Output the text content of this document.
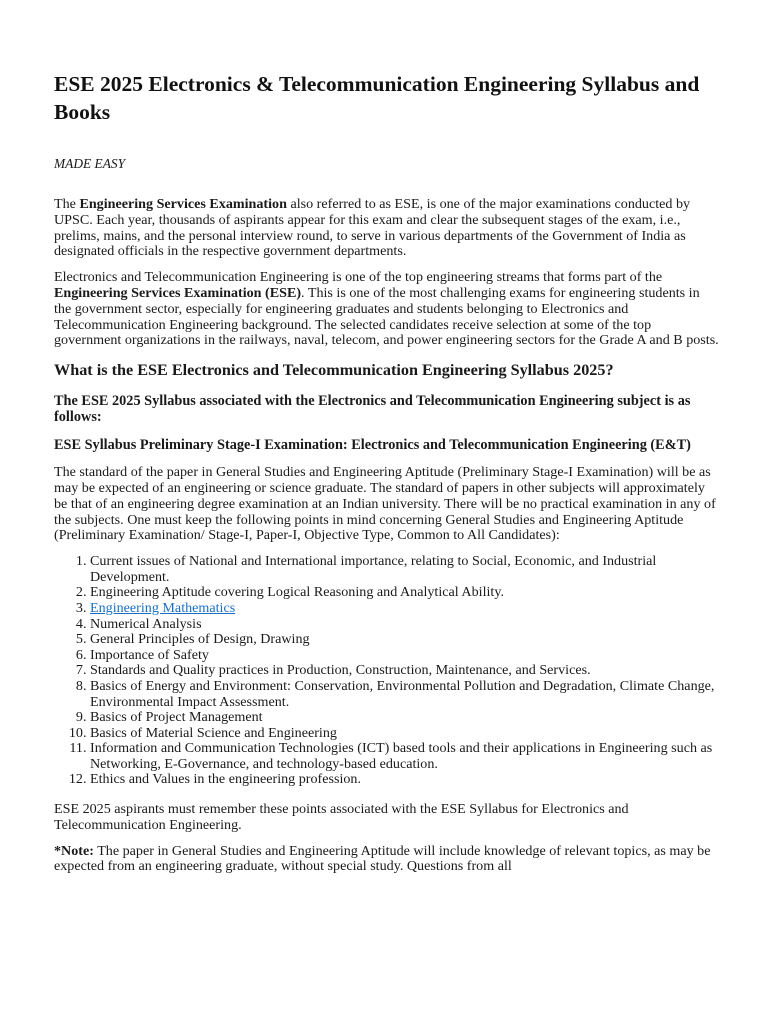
ESE 2025 Electronics & Telecommunication Engineering Syllabus and Books
MADE EASY

The Engineering Services Examination also referred to as ESE, is one of the major examinations conducted by UPSC. Each year, thousands of aspirants appear for this exam and clear the subsequent stages of the exam, i.e., prelims, mains, and the personal interview round, to serve in various departments of the Government of India as designated officials in the respective government departments.

Electronics and Telecommunication Engineering is one of the top engineering streams that forms part of the Engineering Services Examination (ESE). This is one of the most challenging exams for engineering students in the government sector, especially for engineering graduates and students belonging to Electronics and Telecommunication Engineering background. The selected candidates receive selection at some of the top government organizations in the railways, naval, telecom, and power engineering sectors for the Grade A and B posts.

What is the ESE Electronics and Telecommunication Engineering Syllabus 2025?
The ESE 2025 Syllabus associated with the Electronics and Telecommunication Engineering subject is as follows:
ESE Syllabus Preliminary Stage-I Examination: Electronics and Telecommunication Engineering (E&T)

The standard of the paper in General Studies and Engineering Aptitude (Preliminary Stage-I Examination) will be as may be expected of an engineering or science graduate. The standard of papers in other subjects will approximately be that of an engineering degree examination at an Indian university. There will be no practical examination in any of the subjects. One must keep the following points in mind concerning General Studies and Engineering Aptitude (Preliminary Examination/ Stage-I, Paper-I, Objective Type, Common to All Candidates):

1. Current issues of National and International importance, relating to Social, Economic, and Industrial Development.
2. Engineering Aptitude covering Logical Reasoning and Analytical Ability.
3. Engineering Mathematics
4. Numerical Analysis
5. General Principles of Design, Drawing
6. Importance of Safety
7. Standards and Quality practices in Production, Construction, Maintenance, and Services.
8. Basics of Energy and Environment: Conservation, Environmental Pollution and Degradation, Climate Change, Environmental Impact Assessment.
9. Basics of Project Management
10. Basics of Material Science and Engineering
11. Information and Communication Technologies (ICT) based tools and their applications in Engineering such as Networking, E-Governance, and technology-based education.
12. Ethics and Values in the engineering profession.

ESE 2025 aspirants must remember these points associated with the ESE Syllabus for Electronics and Telecommunication Engineering.

*Note: The paper in General Studies and Engineering Aptitude will include knowledge of relevant topics, as may be expected from an engineering graduate, without special study. Questions from all
